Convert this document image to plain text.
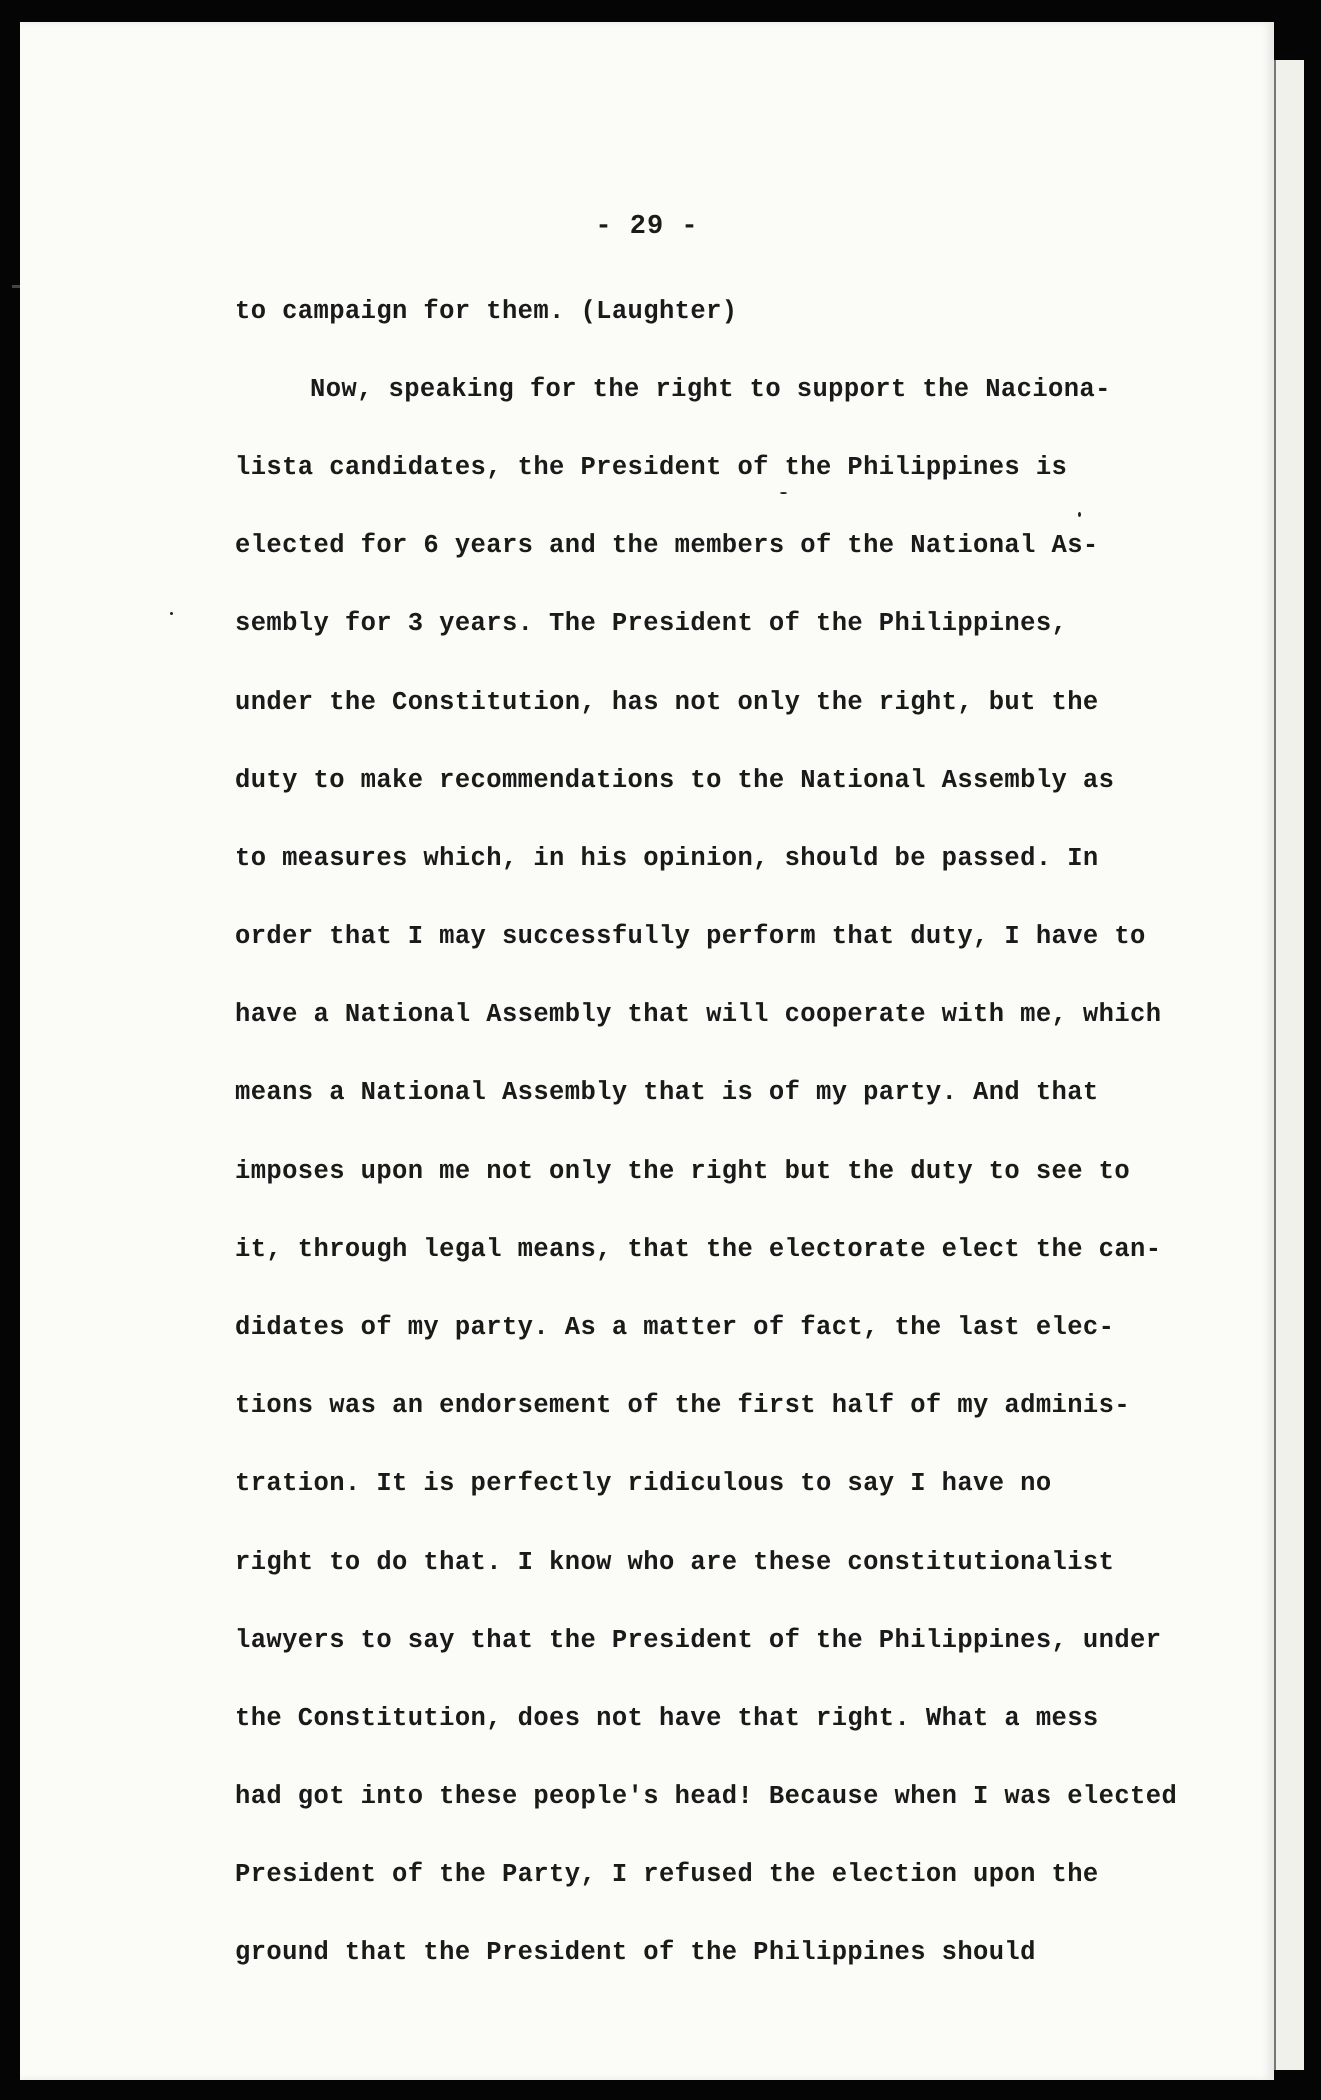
- 29 -
to campaign for them. (Laughter)
Now, speaking for the right to support the Naciona-
lista candidates, the President of the Philippines is
elected for 6 years and the members of the National As-
sembly for 3 years. The President of the Philippines,
under the Constitution, has not only the right, but the
duty to make recommendations to the National Assembly as
to measures which, in his opinion, should be passed. In
order that I may successfully perform that duty, I have to
have a National Assembly that will cooperate with me, which
means a National Assembly that is of my party. And that
imposes upon me not only the right but the duty to see to
it, through legal means, that the electorate elect the can-
didates of my party. As a matter of fact, the last elec-
tions was an endorsement of the first half of my adminis-
tration. It is perfectly ridiculous to say I have no
right to do that. I know who are these constitutionalist
lawyers to say that the President of the Philippines, under
the Constitution, does not have that right. What a mess
had got into these people's head! Because when I was elected
President of the Party, I refused the election upon the
ground that the President of the Philippines should
